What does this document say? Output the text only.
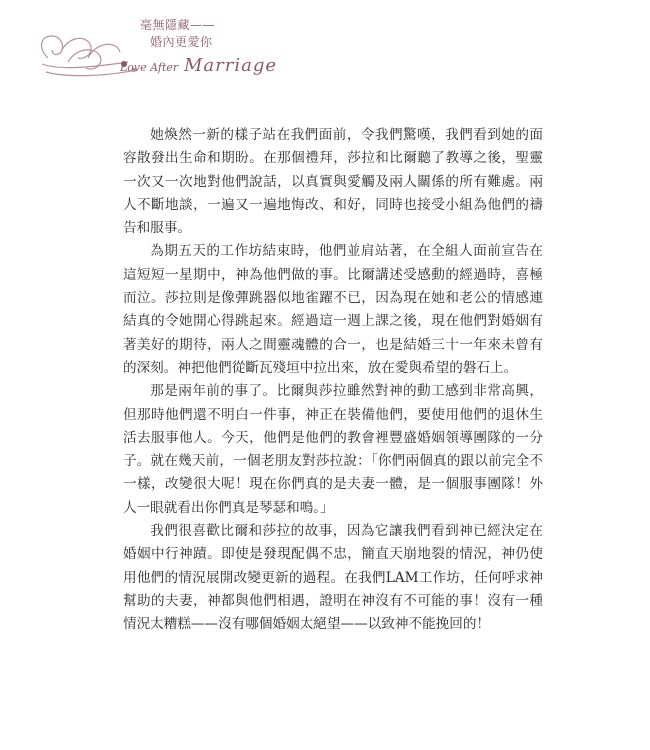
毫無隱藏——
婚內更愛你
Love After Marriage

她煥然一新的樣子站在我們面前，令我們驚嘆，我們看到她的面容散發出生命和期盼。在那個禮拜，莎拉和比爾聽了教導之後，聖靈一次又一次地對他們說話，以真實與愛觸及兩人關係的所有難處。兩人不斷地談，一遍又一遍地悔改、和好，同時也接受小組為他們的禱告和服事。

為期五天的工作坊結束時，他們並肩站著，在全組人面前宣告在這短短一星期中，神為他們做的事。比爾講述受感動的經過時，喜極而泣。莎拉則是像彈跳器似地雀躍不已，因為現在她和老公的情感連結真的令她開心得跳起來。經過這一週上課之後，現在他們對婚姻有著美好的期待，兩人之間靈魂體的合一，也是結婚三十一年來未曾有的深刻。神把他們從斷瓦殘垣中拉出來，放在愛與希望的磐石上。

那是兩年前的事了。比爾與莎拉雖然對神的動工感到非常高興，但那時他們還不明白一件事，神正在裝備他們，要使用他們的退休生活去服事他人。今天，他們是他們的教會裡豐盛婚姻領導團隊的一分子。就在幾天前，一個老朋友對莎拉說：「你們兩個真的跟以前完全不一樣，改變很大呢！現在你們真的是夫妻一體，是一個服事團隊！外人一眼就看出你們真是琴瑟和鳴。」

我們很喜歡比爾和莎拉的故事，因為它讓我們看到神已經決定在婚姻中行神蹟。即使是發現配偶不忠，簡直天崩地裂的情況，神仍使用他們的情況展開改變更新的過程。在我們LAM工作坊，任何呼求神幫助的夫妻，神都與他們相遇，證明在神沒有不可能的事！沒有一種情況太糟糕——沒有哪個婚姻太絕望——以致神不能挽回的！
